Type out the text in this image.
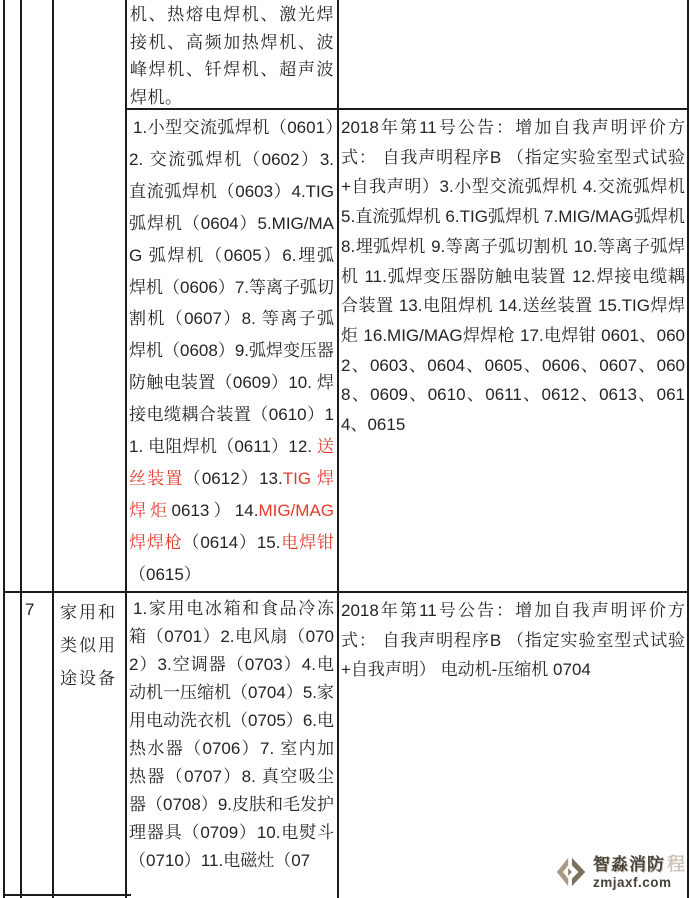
机、热熔电焊机、激光焊接机、高频加热焊机、波峰焊机、钎焊机、超声波焊机。
1.小型交流弧焊机（0601）2. 交流弧焊机（0602）3. 直流弧焊机（0603）4.TIG 弧焊机（0604）5.MIG/MAG 弧焊机（0605）6.埋弧焊机（0606）7.等离子弧切割机（0607）8. 等离子弧焊机（0608）9.弧焊变压器防触电装置（0609）10. 焊接电缆耦合装置（0610）11. 电阻焊机（0611）12. 送丝装置（0612）13.TIG 焊焊炬0613）14.MIG/MAG 焊焊枪（0614）15.电焊钳（0615）
2018年第11号公告：增加自我声明评价方式： 自我声明程序B （指定实验室型式试验+自我声明）3.小型交流弧焊机 4.交流弧焊机 5.直流弧焊机 6.TIG弧焊机 7.MIG/MAG弧焊机 8.埋弧焊机 9.等离子弧切割机 10.等离子弧焊机 11.弧焊变压器防触电装置 12.焊接电缆耦合装置 13.电阻焊机 14.送丝装置 15.TIG焊焊炬 16.MIG/MAG焊焊枪 17.电焊钳 0601、0602、0603、0604、0605、0606、0607、0608、0609、0610、0611、0612、0613、0614、0615
7	家用和类似用途设备
1.家用电冰箱和食品冷冻箱（0701）2.电风扇（0702）3.空调器（0703）4.电动机一压缩机（0704）5.家用电动洗衣机（0705）6.电热水器（0706）7. 室内加热器（0707）8. 真空吸尘器（0708）9.皮肤和毛发护理器具（0709）10.电熨斗（0710）11.电磁灶（07
2018年第11号公告：增加自我声明评价方式： 自我声明程序B （指定实验室型式试验+自我声明） 电动机-压缩机 0704
智淼消防 程
zmjaxf.com
